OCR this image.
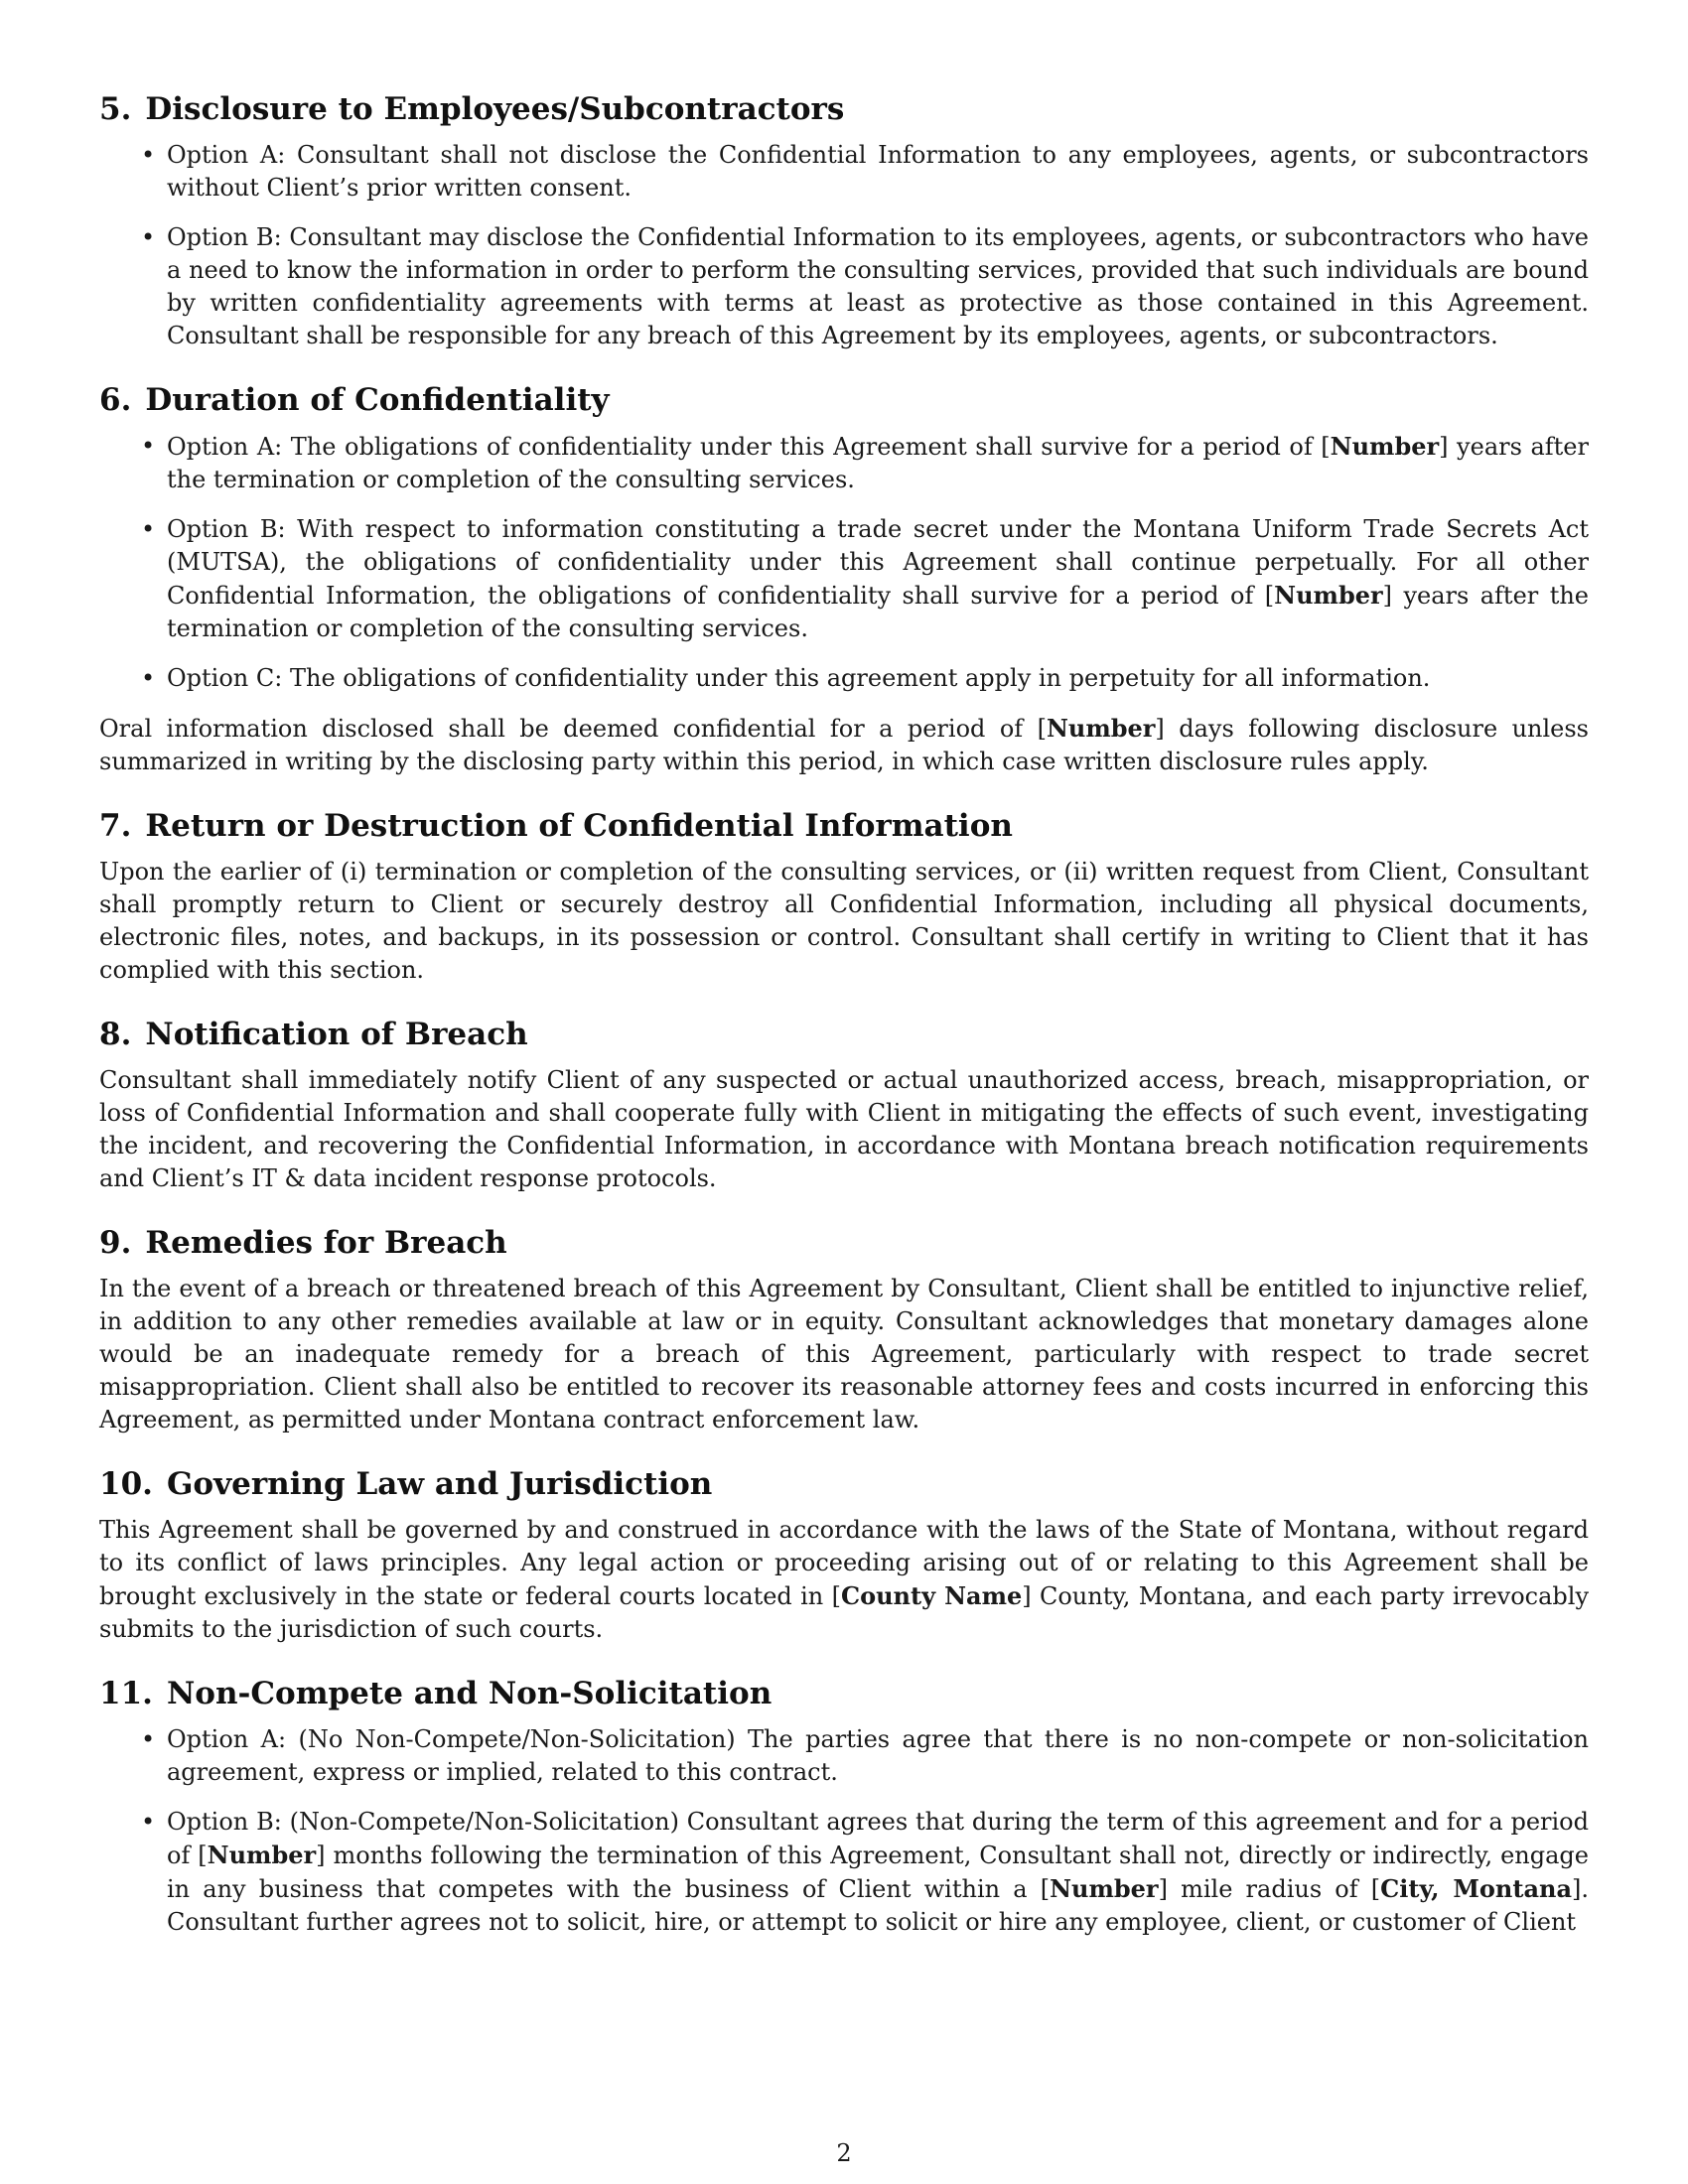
5. Disclosure to Employees/Subcontractors
• Option A: Consultant shall not disclose the Confidential Information to any employees, agents, or subcontractors without Client’s prior written consent.
• Option B: Consultant may disclose the Confidential Information to its employees, agents, or subcontractors who have a need to know the information in order to perform the consulting services, provided that such individuals are bound by written confidentiality agreements with terms at least as protective as those contained in this Agreement. Consultant shall be responsible for any breach of this Agreement by its employees, agents, or subcontractors.
6. Duration of Confidentiality
• Option A: The obligations of confidentiality under this Agreement shall survive for a period of [Number] years after the termination or completion of the consulting services.
• Option B: With respect to information constituting a trade secret under the Montana Uniform Trade Secrets Act (MUTSA), the obligations of confidentiality under this Agreement shall continue perpetually. For all other Confidential Information, the obligations of confidentiality shall survive for a period of [Number] years after the termination or completion of the consulting services.
• Option C: The obligations of confidentiality under this agreement apply in perpetuity for all information.

Oral information disclosed shall be deemed confidential for a period of [Number] days following disclosure unless summarized in writing by the disclosing party within this period, in which case written disclosure rules apply.

7. Return or Destruction of Confidential Information

Upon the earlier of (i) termination or completion of the consulting services, or (ii) written request from Client, Consultant shall promptly return to Client or securely destroy all Confidential Information, including all physical documents, electronic files, notes, and backups, in its possession or control. Consultant shall certify in writing to Client that it has complied with this section.

8. Notification of Breach

Consultant shall immediately notify Client of any suspected or actual unauthorized access, breach, misappropriation, or loss of Confidential Information and shall cooperate fully with Client in mitigating the effects of such event, investigating the incident, and recovering the Confidential Information, in accordance with Montana breach notification requirements and Client’s IT & data incident response protocols.

9. Remedies for Breach

In the event of a breach or threatened breach of this Agreement by Consultant, Client shall be entitled to injunctive relief, in addition to any other remedies available at law or in equity. Consultant acknowledges that monetary damages alone would be an inadequate remedy for a breach of this Agreement, particularly with respect to trade secret misappropriation. Client shall also be entitled to recover its reasonable attorney fees and costs incurred in enforcing this Agreement, as permitted under Montana contract enforcement law.

10. Governing Law and Jurisdiction

This Agreement shall be governed by and construed in accordance with the laws of the State of Montana, without regard to its conflict of laws principles. Any legal action or proceeding arising out of or relating to this Agreement shall be brought exclusively in the state or federal courts located in [County Name] County, Montana, and each party irrevocably submits to the jurisdiction of such courts.

11. Non-Compete and Non-Solicitation
• Option A: (No Non-Compete/Non-Solicitation) The parties agree that there is no non-compete or non-solicitation agreement, express or implied, related to this contract.
• Option B: (Non-Compete/Non-Solicitation) Consultant agrees that during the term of this agreement and for a period of [Number] months following the termination of this Agreement, Consultant shall not, directly or indirectly, engage in any business that competes with the business of Client within a [Number] mile radius of [City, Montana]. Consultant further agrees not to solicit, hire, or attempt to solicit or hire any employee, client, or customer of Client
2
